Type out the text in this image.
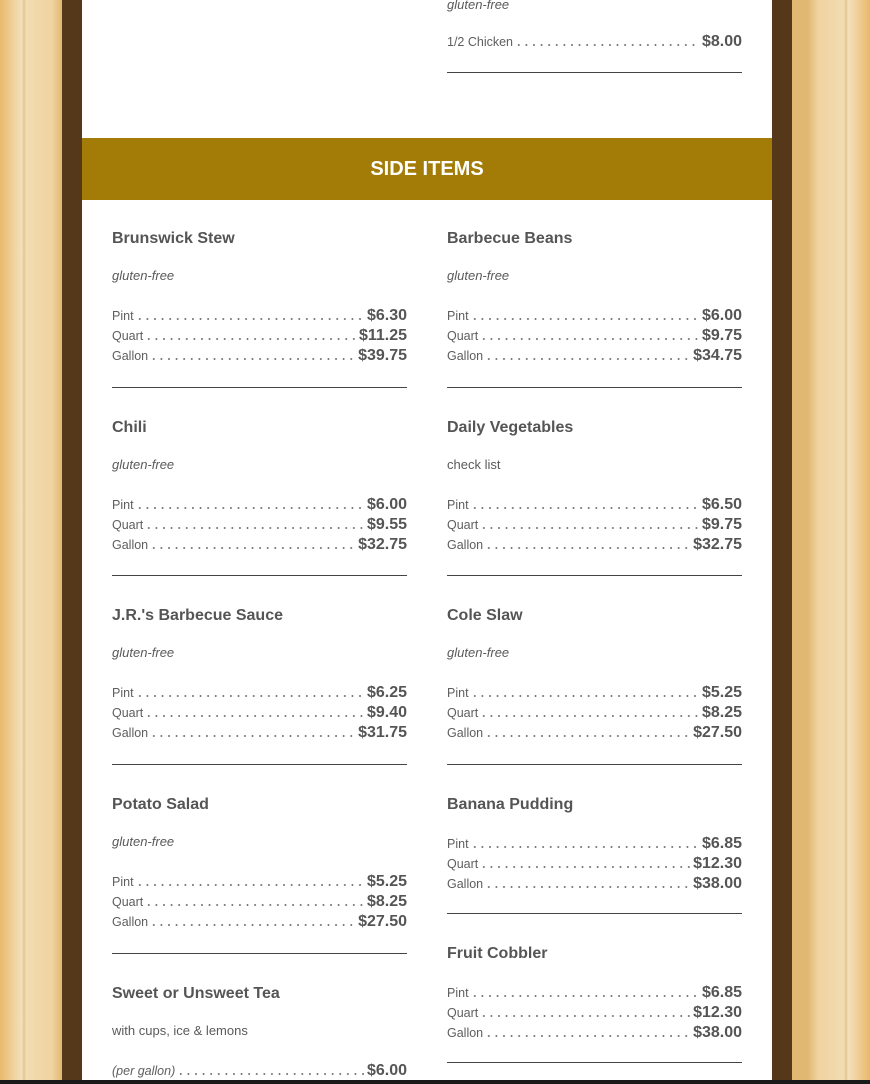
gluten-free
1/2 Chicken	$8.00
SIDE ITEMS
Brunswick Stew
gluten-free
Pint	$6.30
Quart	$11.25
Gallon	$39.75
Barbecue Beans
gluten-free
Pint	$6.00
Quart	$9.75
Gallon	$34.75
Chili
gluten-free
Pint	$6.00
Quart	$9.55
Gallon	$32.75
Daily Vegetables
check list
Pint	$6.50
Quart	$9.75
Gallon	$32.75
J.R.'s Barbecue Sauce
gluten-free
Pint	$6.25
Quart	$9.40
Gallon	$31.75
Cole Slaw
gluten-free
Pint	$5.25
Quart	$8.25
Gallon	$27.50
Potato Salad
gluten-free
Pint	$5.25
Quart	$8.25
Gallon	$27.50
Banana Pudding
Pint	$6.85
Quart	$12.30
Gallon	$38.00
Fruit Cobbler
Pint	$6.85
Quart	$12.30
Gallon	$38.00
Sweet or Unsweet Tea
with cups, ice & lemons
(per gallon)	$6.00
